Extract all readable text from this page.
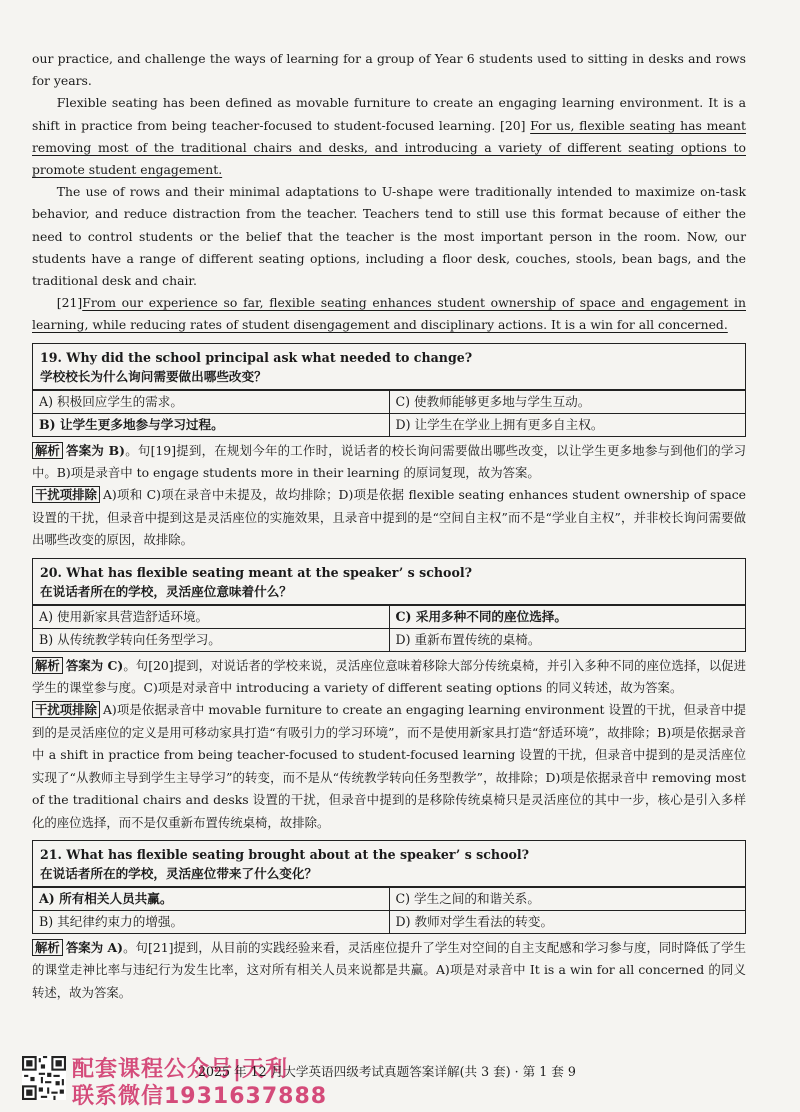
our practice, and challenge the ways of learning for a group of Year 6 students used to sitting in desks and rows for years.

Flexible seating has been defined as movable furniture to create an engaging learning environment. It is a shift in practice from being teacher-focused to student-focused learning. [20] For us, flexible seating has meant removing most of the traditional chairs and desks, and introducing a variety of different seating options to promote student engagement.

The use of rows and their minimal adaptations to U-shape were traditionally intended to maximize on-task behavior, and reduce distraction from the teacher. Teachers tend to still use this format because of either the need to control students or the belief that the teacher is the most important person in the room. Now, our students have a range of different seating options, including a floor desk, couches, stools, bean bags, and the traditional desk and chair.

[21]From our experience so far, flexible seating enhances student ownership of space and engagement in learning, while reducing rates of student disengagement and disciplinary actions. It is a win for all concerned.

19. Why did the school principal ask what needed to change?
学校校长为什么询问需要做出哪些改变？
A) 积极回应学生的需求。	C) 使教师能够更多地与学生互动。
B) 让学生更多地参与学习过程。	D) 让学生在学业上拥有更多自主权。

解析 答案为 B)。句[19]提到，在规划今年的工作时，说话者的校长询问需要做出哪些改变，以让学生更多地参与到他们的学习中。B)项是录音中 to engage students more in their learning 的原词复现，故为答案。

干扰项排除 A)项和 C)项在录音中未提及，故均排除；D)项是依据 flexible seating enhances student ownership of space 设置的干扰，但录音中提到这是灵活座位的实施效果，且录音中提到的是“空间自主权”而不是“学业自主权”，并非校长询问需要做出哪些改变的原因，故排除。

20. What has flexible seating meant at the speaker’ s school?
在说话者所在的学校，灵活座位意味着什么？
A) 使用新家具营造舒适环境。	C) 采用多种不同的座位选择。
B) 从传统教学转向任务型学习。	D) 重新布置传统的桌椅。

解析 答案为 C)。句[20]提到，对说话者的学校来说，灵活座位意味着移除大部分传统桌椅，并引入多种不同的座位选择，以促进学生的课堂参与度。C)项是对录音中 introducing a variety of different seating options 的同义转述，故为答案。

干扰项排除 A)项是依据录音中 movable furniture to create an engaging learning environment 设置的干扰，但录音中提到的是灵活座位的定义是用可移动家具打造“有吸引力的学习环境”，而不是使用新家具打造“舒适环境”，故排除；B)项是依据录音中 a shift in practice from being teacher-focused to student-focused learning 设置的干扰，但录音中提到的是灵活座位实现了“从教师主导到学生主导学习”的转变，而不是从“传统教学转向任务型教学”，故排除；D)项是依据录音中 removing most of the traditional chairs and desks 设置的干扰，但录音中提到的是移除传统桌椅只是灵活座位的其中一步，核心是引入多样化的座位选择，而不是仅重新布置传统桌椅，故排除。

21. What has flexible seating brought about at the speaker’ s school?
在说话者所在的学校，灵活座位带来了什么变化？
A) 所有相关人员共赢。	C) 学生之间的和谐关系。
B) 其纪律约束力的增强。	D) 教师对学生看法的转变。

解析 答案为 A)。句[21]提到，从目前的实践经验来看，灵活座位提升了学生对空间的自主支配感和学习参与度，同时降低了学生的课堂走神比率与违纪行为发生比率，这对所有相关人员来说都是共赢。A)项是对录音中 It is a win for all concerned 的同义转述，故为答案。

配套课程公众号|天利
联系微信1931637888
2025 年 12 月大学英语四级考试真题答案详解(共 3 套) · 第 1 套 9
